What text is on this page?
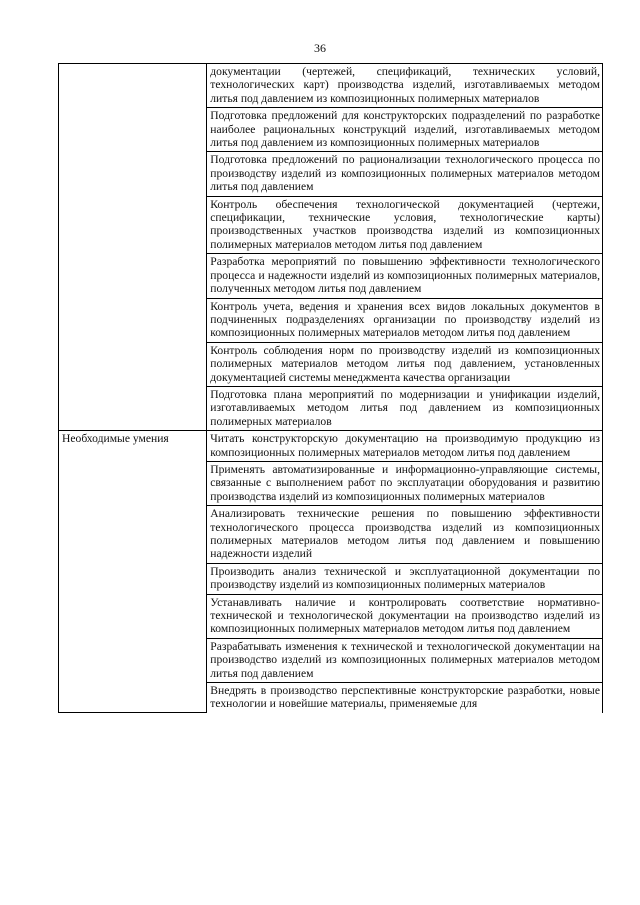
36
	документации (чертежей, спецификаций, технических условий, технологических карт) производства изделий, изготавливаемых методом литья под давлением из композиционных полимерных материалов
	Подготовка предложений для конструкторских подразделений по разработке наиболее рациональных конструкций изделий, изготавливаемых методом литья под давлением из композиционных полимерных материалов
	Подготовка предложений по рационализации технологического процесса по производству изделий из композиционных полимерных материалов методом литья под давлением
	Контроль обеспечения технологической документацией (чертежи, спецификации, технические условия, технологические карты) производственных участков производства изделий из композиционных полимерных материалов методом литья под давлением
	Разработка мероприятий по повышению эффективности технологического процесса и надежности изделий из композиционных полимерных материалов, полученных методом литья под давлением
	Контроль учета, ведения и хранения всех видов локальных документов в подчиненных подразделениях организации по производству изделий из композиционных полимерных материалов методом литья под давлением
	Контроль соблюдения норм по производству изделий из композиционных полимерных материалов методом литья под давлением, установленных документацией системы менеджмента качества организации
	Подготовка плана мероприятий по модернизации и унификации изделий, изготавливаемых методом литья под давлением из композиционных полимерных материалов
Необходимые умения	Читать конструкторскую документацию на производимую продукцию из композиционных полимерных материалов методом литья под давлением
	Применять автоматизированные и информационно-управляющие системы, связанные с выполнением работ по эксплуатации оборудования и развитию производства изделий из композиционных полимерных материалов
	Анализировать технические решения по повышению эффективности технологического процесса производства изделий из композиционных полимерных материалов методом литья под давлением и повышению надежности изделий
	Производить анализ технической и эксплуатационной документации по производству изделий из композиционных полимерных материалов
	Устанавливать наличие и контролировать соответствие нормативно-технической и технологической документации на производство изделий из композиционных полимерных материалов методом литья под давлением
	Разрабатывать изменения к технической и технологической документации на производство изделий из композиционных полимерных материалов методом литья под давлением
	Внедрять в производство перспективные конструкторские разработки, новые технологии и новейшие материалы, применяемые для
